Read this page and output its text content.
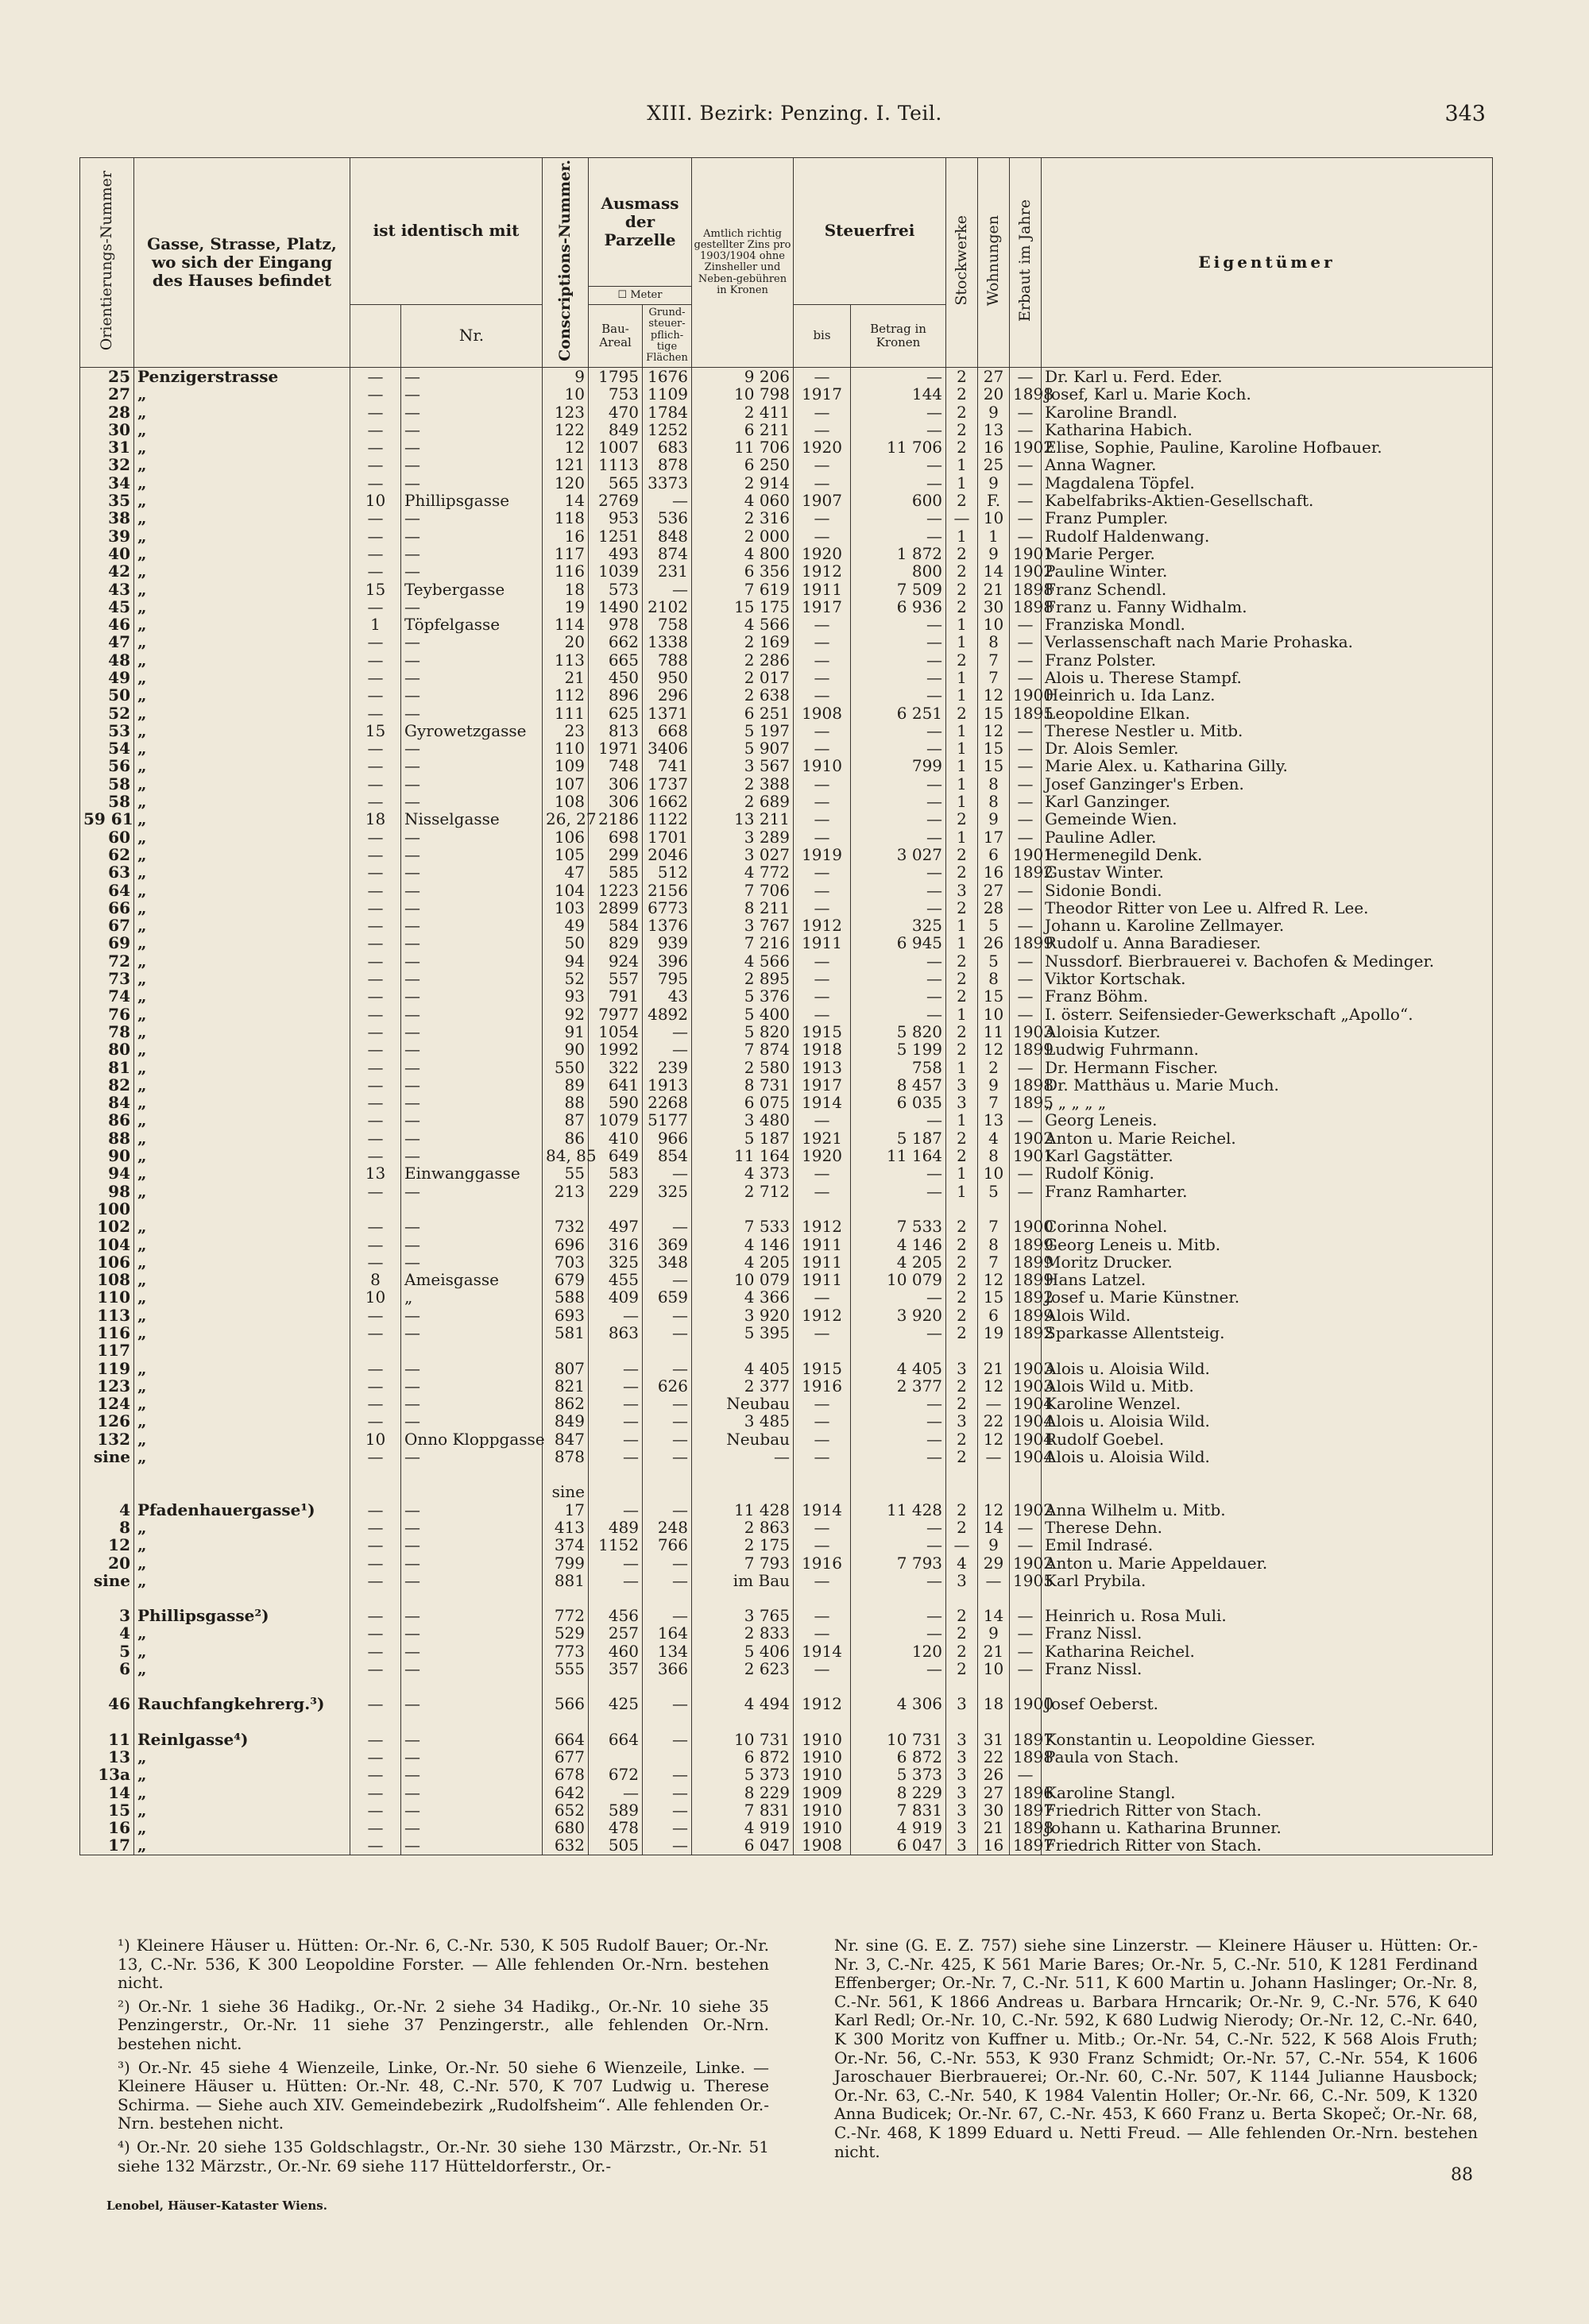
XIII. Bezirk: Penzing. I. Teil.	343
Orientierungs-Nummer	Gasse, Strasse, Platz, wo sich der Eingang des Hauses befindet	ist identisch mit		Conscriptions-Nummer.	Ausmass der Parzelle		Amtlich richtig gestellter Zins pro 1903/1904 ohne Zinsheller und Neben-gebühren in Kronen	Steuerfrei		Stockwerke	Wohnungen	Erbaut im Jahre	Eigentümer
					☐ Meter								
			Nr.		Bau-Areal	Grund-steuer-pflich-tige Flächen		bis	Betrag in Kronen				
25	Penzigerstrasse	—	—	9	1795	1676	9 206	—	—	2	27	—	Dr. Karl u. Ferd. Eder.
27	„	—	—	10	753	1109	10 798	1917	144	2	20	1898	Josef, Karl u. Marie Koch.
28	„	—	—	123	470	1784	2 411	—	—	2	9	—	Karoline Brandl.
30	„	—	—	122	849	1252	6 211	—	—	2	13	—	Katharina Habich.
31	„	—	—	12	1007	683	11 706	1920	11 706	2	16	1902	Elise, Sophie, Pauline, Karoline Hofbauer.
32	„	—	—	121	1113	878	6 250	—	—	1	25	—	Anna Wagner.
34	„	—	—	120	565	3373	2 914	—	—	1	9	—	Magdalena Töpfel.
35	„	10	Phillipsgasse	14	2769	—	4 060	1907	600	2	F.	—	Kabelfabriks-Aktien-Gesellschaft.
38	„	—	—	118	953	536	2 316	—	—	—	10	—	Franz Pumpler.
39	„	—	—	16	1251	848	2 000	—	—	1	1	—	Rudolf Haldenwang.
40	„	—	—	117	493	874	4 800	1920	1 872	2	9	1901	Marie Perger.
42	„	—	—	116	1039	231	6 356	1912	800	2	14	1902	Pauline Winter.
43	„	15	Teybergasse	18	573	—	7 619	1911	7 509	2	21	1898	Franz Schendl.
45	„	—	—	19	1490	2102	15 175	1917	6 936	2	30	1898	Franz u. Fanny Widhalm.
46	„	1	Töpfelgasse	114	978	758	4 566	—	—	1	10	—	Franziska Mondl.
47	„	—	—	20	662	1338	2 169	—	—	1	8	—	Verlassenschaft nach Marie Prohaska.
48	„	—	—	113	665	788	2 286	—	—	2	7	—	Franz Polster.
49	„	—	—	21	450	950	2 017	—	—	1	7	—	Alois u. Therese Stampf.
50	„	—	—	112	896	296	2 638	—	—	1	12	1900	Heinrich u. Ida Lanz.
52	„	—	—	111	625	1371	6 251	1908	6 251	2	15	1895	Leopoldine Elkan.
53	„	15	Gyrowetzgasse	23	813	668	5 197	—	—	1	12	—	Therese Nestler u. Mitb.
54	„	—	—	110	1971	3406	5 907	—	—	1	15	—	Dr. Alois Semler.
56	„	—	—	109	748	741	3 567	1910	799	1	15	—	Marie Alex. u. Katharina Gilly.
58	„	—	—	107	306	1737	2 388	—	—	1	8	—	Josef Ganzinger's Erben.
58	„	—	—	108	306	1662	2 689	—	—	1	8	—	Karl Ganzinger.
59 61	„	18	Nisselgasse	26, 27	2186	1122	13 211	—	—	2	9	—	Gemeinde Wien.
60	„	—	—	106	698	1701	3 289	—	—	1	17	—	Pauline Adler.
62	„	—	—	105	299	2046	3 027	1919	3 027	2	6	1901	Hermenegild Denk.
63	„	—	—	47	585	512	4 772	—	—	2	16	1892	Gustav Winter.
64	„	—	—	104	1223	2156	7 706	—	—	3	27	—	Sidonie Bondi.
66	„	—	—	103	2899	6773	8 211	—	—	2	28	—	Theodor Ritter von Lee u. Alfred R. Lee.
67	„	—	—	49	584	1376	3 767	1912	325	1	5	—	Johann u. Karoline Zellmayer.
69	„	—	—	50	829	939	7 216	1911	6 945	1	26	1899	Rudolf u. Anna Baradieser.
72	„	—	—	94	924	396	4 566	—	—	2	5	—	Nussdorf. Bierbrauerei v. Bachofen & Medinger.
73	„	—	—	52	557	795	2 895	—	—	2	8	—	Viktor Kortschak.
74	„	—	—	93	791	43	5 376	—	—	2	15	—	Franz Böhm.
76	„	—	—	92	7977	4892	5 400	—	—	1	10	—	I. österr. Seifensieder-Gewerkschaft „Apollo“.
78	„	—	—	91	1054	—	5 820	1915	5 820	2	11	1903	Aloisia Kutzer.
80	„	—	—	90	1992	—	7 874	1918	5 199	2	12	1899	Ludwig Fuhrmann.
81	„	—	—	550	322	239	2 580	1913	758	1	2	—	Dr. Hermann Fischer.
82	„	—	—	89	641	1913	8 731	1917	8 457	3	9	1898	Dr. Matthäus u. Marie Much.
84	„	—	—	88	590	2268	6 075	1914	6 035	3	7	1895	„ „ „ „ „
86	„	—	—	87	1079	5177	3 480	—	—	1	13	—	Georg Leneis.
88	„	—	—	86	410	966	5 187	1921	5 187	2	4	1902	Anton u. Marie Reichel.
90	„	—	—	84, 85	649	854	11 164	1920	11 164	2	8	1901	Karl Gagstätter.
94	„	13	Einwanggasse	55	583	—	4 373	—	—	1	10	—	Rudolf König.
98	„	—	—	213	229	325	2 712	—	—	1	5	—	Franz Ramharter.
100													
102	„	—	—	732	497	—	7 533	1912	7 533	2	7	1900	Corinna Nohel.
104	„	—	—	696	316	369	4 146	1911	4 146	2	8	1899	Georg Leneis u. Mitb.
106	„	—	—	703	325	348	4 205	1911	4 205	2	7	1899	Moritz Drucker.
108	„	8	Ameisgasse	679	455	—	10 079	1911	10 079	2	12	1899	Hans Latzel.
110	„	10	„	588	409	659	4 366	—	—	2	15	1892	Josef u. Marie Künstner.
113	„	—	—	693	—	—	3 920	1912	3 920	2	6	1899	Alois Wild.
116	„	—	—	581	863	—	5 395	—	—	2	19	1892	Sparkasse Allentsteig.
117													
119	„	—	—	807	—	—	4 405	1915	4 405	3	21	1903	Alois u. Aloisia Wild.
123	„	—	—	821	—	626	2 377	1916	2 377	2	12	1903	Alois Wild u. Mitb.
124	„	—	—	862	—	—	Neubau	—	—	2	—	1904	Karoline Wenzel.
126	„	—	—	849	—	—	3 485	—	—	3	22	1904	Alois u. Aloisia Wild.
132	„	10	Onno Kloppgasse	847	—	—	Neubau	—	—	2	12	1904	Rudolf Goebel.
sine	„	—	—	878	—	—	—	—	—	2	—	1904	Alois u. Aloisia Wild.

				sine									
4	Pfadenhauergasse¹)	—	—	17	—	—	11 428	1914	11 428	2	12	1902	Anna Wilhelm u. Mitb.
8	„	—	—	413	489	248	2 863	—	—	2	14	—	Therese Dehn.
12	„	—	—	374	1152	766	2 175	—	—	—	9	—	Emil Indrasé.
20	„	—	—	799	—	—	7 793	1916	7 793	4	29	1902	Anton u. Marie Appeldauer.
sine	„	—	—	881	—	—	im Bau	—	—	3	—	1905	Karl Prybila.

3	Phillipsgasse²)	—	—	772	456	—	3 765	—	—	2	14	—	Heinrich u. Rosa Muli.
4	„	—	—	529	257	164	2 833	—	—	2	9	—	Franz Nissl.
5	„	—	—	773	460	134	5 406	1914	120	2	21	—	Katharina Reichel.
6	„	—	—	555	357	366	2 623	—	—	2	10	—	Franz Nissl.

46	Rauchfangkehrerg.³)	—	—	566	425	—	4 494	1912	4 306	3	18	1900	Josef Oeberst.

11	Reinlgasse⁴)	—	—	664	664	—	10 731	1910	10 731	3	31	1897	Konstantin u. Leopoldine Giesser.
13	„	—	—	677			6 872	1910	6 872	3	22	1898	Paula von Stach.
13a	„	—	—	678	672	—	5 373	1910	5 373	3	26	—	
14	„	—	—	642	—	—	8 229	1909	8 229	3	27	1896	Karoline Stangl.
15	„	—	—	652	589	—	7 831	1910	7 831	3	30	1897	Friedrich Ritter von Stach.
16	„	—	—	680	478	—	4 919	1910	4 919	3	21	1898	Johann u. Katharina Brunner.
17	„	—	—	632	505	—	6 047	1908	6 047	3	16	1897	Friedrich Ritter von Stach.

¹) Kleinere Häuser u. Hütten: Or.-Nr. 6, C.-Nr. 530, K 505 Rudolf Bauer; Or.-Nr. 13, C.-Nr. 536, K 300 Leopoldine Forster. — Alle fehlenden Or.-Nrn. bestehen nicht.

²) Or.-Nr. 1 siehe 36 Hadikg., Or.-Nr. 2 siehe 34 Hadikg., Or.-Nr. 10 siehe 35 Penzingerstr., Or.-Nr. 11 siehe 37 Penzingerstr., alle fehlenden Or.-Nrn. bestehen nicht.

³) Or.-Nr. 45 siehe 4 Wienzeile, Linke, Or.-Nr. 50 siehe 6 Wienzeile, Linke. — Kleinere Häuser u. Hütten: Or.-Nr. 48, C.-Nr. 570, K 707 Ludwig u. Therese Schirma. — Siehe auch XIV. Gemeindebezirk „Rudolfsheim“. Alle fehlenden Or.-Nrn. bestehen nicht.

⁴) Or.-Nr. 20 siehe 135 Goldschlagstr., Or.-Nr. 30 siehe 130 Märzstr., Or.-Nr. 51 siehe 132 Märzstr., Or.-Nr. 69 siehe 117 Hütteldorferstr., Or.-

Nr. sine (G. E. Z. 757) siehe sine Linzerstr. — Kleinere Häuser u. Hütten: Or.-Nr. 3, C.-Nr. 425, K 561 Marie Bares; Or.-Nr. 5, C.-Nr. 510, K 1281 Ferdinand Effenberger; Or.-Nr. 7, C.-Nr. 511, K 600 Martin u. Johann Haslinger; Or.-Nr. 8, C.-Nr. 561, K 1866 Andreas u. Barbara Hrncarik; Or.-Nr. 9, C.-Nr. 576, K 640 Karl Redl; Or.-Nr. 10, C.-Nr. 592, K 680 Ludwig Nierody; Or.-Nr. 12, C.-Nr. 640, K 300 Moritz von Kuffner u. Mitb.; Or.-Nr. 54, C.-Nr. 522, K 568 Alois Fruth; Or.-Nr. 56, C.-Nr. 553, K 930 Franz Schmidt; Or.-Nr. 57, C.-Nr. 554, K 1606 Jaroschauer Bierbrauerei; Or.-Nr. 60, C.-Nr. 507, K 1144 Julianne Hausbock; Or.-Nr. 63, C.-Nr. 540, K 1984 Valentin Holler; Or.-Nr. 66, C.-Nr. 509, K 1320 Anna Budicek; Or.-Nr. 67, C.-Nr. 453, K 660 Franz u. Berta Skopeč; Or.-Nr. 68, C.-Nr. 468, K 1899 Eduard u. Netti Freud. — Alle fehlenden Or.-Nrn. bestehen nicht.

88
Lenobel, Häuser-Kataster Wiens.
